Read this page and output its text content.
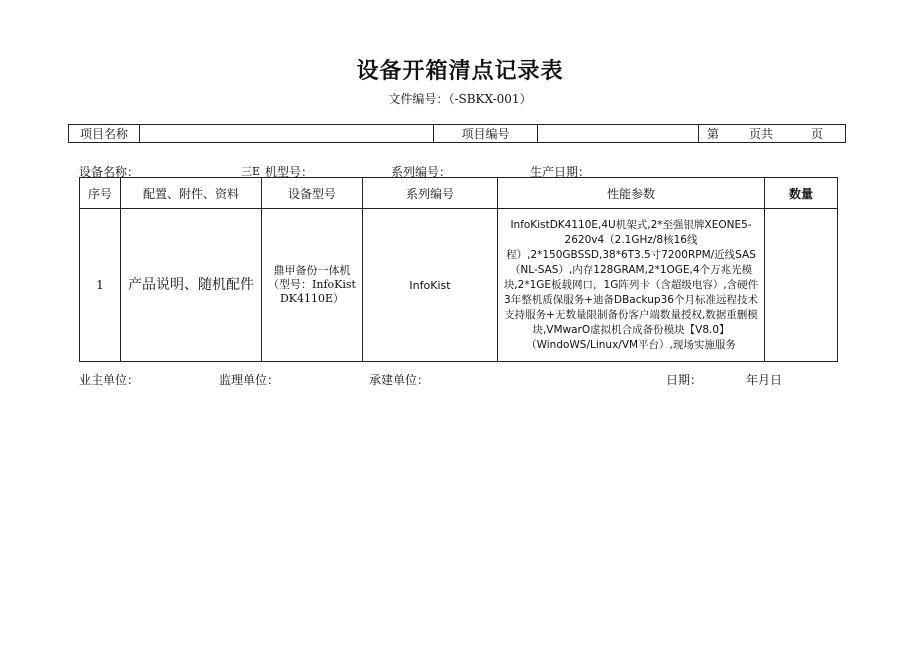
设备开箱清点记录表
文件编号：（-SBKX-001）
项目名称		项目编号		第	页共	页
设备名称：	三E 机型号：	系列编号：	生产日期：
序号	配置、附件、资料	设备型号	系列编号	性能参数	数量
1	产品说明、随机配件	鼎甲备份一体机（型号：InfoKist DK4110E）	InfoKist	InfoKistDK4110E,4U机架式,2*至强银牌XEONE5-2620v4（2.1GHz/8核16线程）,2*150GBSSD,38*6T3.5寸7200RPM/近线SAS（NL-SAS）,内存128GRAM,2*1OGE,4个万兆光模块,2*1GE板载网口，1G阵列卡（含超级电容）,含硬件3年整机质保服务+迪备DBackup36个月标准远程技术支持服务+无数量限制备份客户端数量授权,数据重删模块,VMwarO虚拟机合成备份模块【V8.0】（WindoWS/Linux/VM平台）,现场实施服务	
业主单位：	监理单位：	承建单位：	日期：	年月日
